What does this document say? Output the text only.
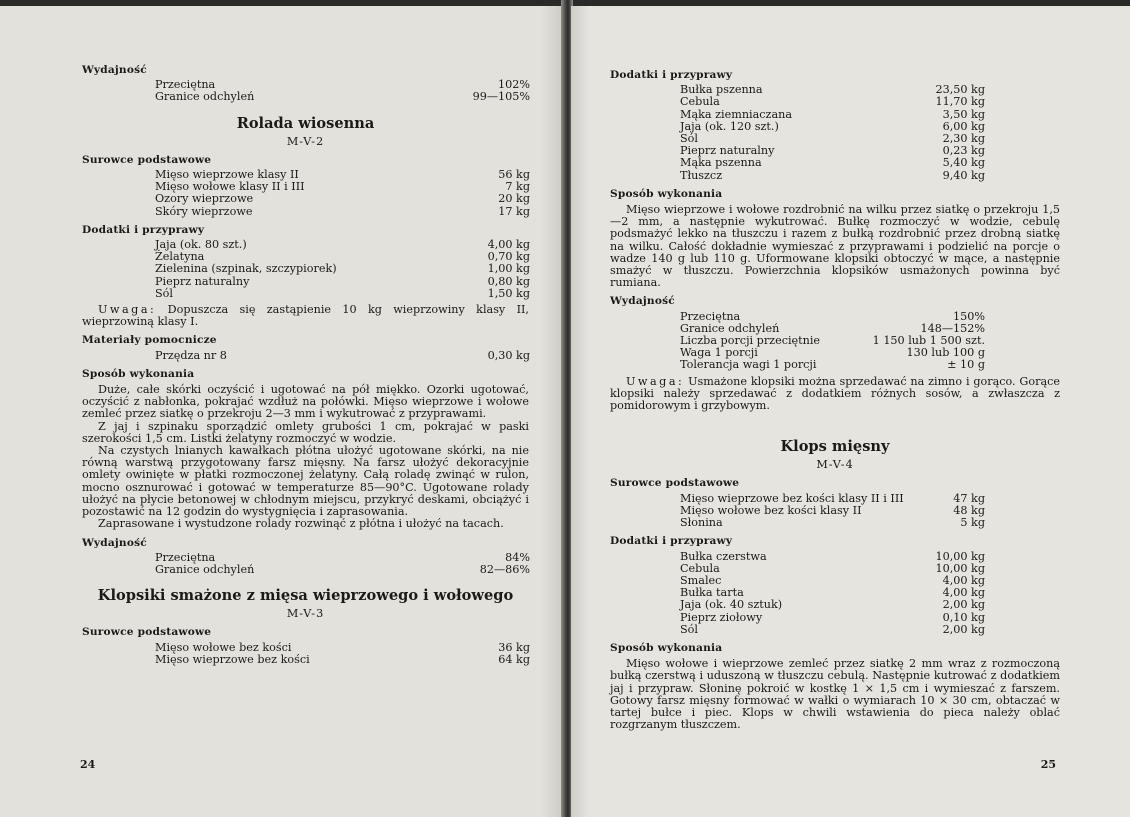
Wydajność
Przeciętna	102%
Granice odchyleń	99—105%
Rolada wiosenna
M-V-2
Surowce podstawowe
Mięso wieprzowe klasy II	56 kg
Mięso wołowe klasy II i III	7 kg
Ozory wieprzowe	20 kg
Skóry wieprzowe	17 kg
Dodatki i przyprawy
Jaja (ok. 80 szt.)	4,00 kg
Żelatyna	0,70 kg
Zielenina (szpinak, szczypiorek)	1,00 kg
Pieprz naturalny	0,80 kg
Sól	1,50 kg
Uwaga: Dopuszcza się zastąpienie 10 kg wieprzowiny klasy II, wieprzowiną klasy I.
Materiały pomocnicze
Przędza nr 8	0,30 kg
Sposób wykonania
Duże, całe skórki oczyścić i ugotować na pół miękko. Ozorki ugotować, oczyścić z nabłonka, pokrajać wzdłuż na połówki. Mięso wieprzowe i wołowe zemleć przez siatkę o przekroju 2—3 mm i wykutrować z przyprawami.
Z jaj i szpinaku sporządzić omlety grubości 1 cm, pokrajać w paski szerokości 1,5 cm. Listki żelatyny rozmoczyć w wodzie.
Na czystych lnianych kawałkach płótna ułożyć ugotowane skórki, na nie równą warstwą przygotowany farsz mięsny. Na farsz ułożyć dekoracyjnie omlety owinięte w płatki rozmoczonej żelatyny. Całą roladę zwinąć w rulon, mocno osznurować i gotować w temperaturze 85—90°C. Ugotowane rolady ułożyć na płycie betonowej w chłodnym miejscu, przykryć deskami, obciążyć i pozostawić na 12 godzin do wystygnięcia i zaprasowania.
Zaprasowane i wystudzone rolady rozwinąć z płótna i ułożyć na tacach.
Wydajność
Przeciętna	84%
Granice odchyleń	82—86%
Klopsiki smażone z mięsa wieprzowego i wołowego
M-V-3
Surowce podstawowe
Mięso wołowe bez kości	36 kg
Mięso wieprzowe bez kości	64 kg
24
Dodatki i przyprawy
Bułka pszenna	23,50 kg
Cebula	11,70 kg
Mąka ziemniaczana	3,50 kg
Jaja (ok. 120 szt.)	6,00 kg
Sól	2,30 kg
Pieprz naturalny	0,23 kg
Mąka pszenna	5,40 kg
Tłuszcz	9,40 kg
Sposób wykonania
Mięso wieprzowe i wołowe rozdrobnić na wilku przez siatkę o przekroju 1,5—2 mm, a następnie wykutrować. Bułkę rozmoczyć w wodzie, cebulę podsmażyć lekko na tłuszczu i razem z bułką rozdrobnić przez drobną siatkę na wilku. Całość dokładnie wymieszać z przyprawami i podzielić na porcje o wadze 140 g lub 110 g. Uformowane klopsiki obtoczyć w mące, a następnie smażyć w tłuszczu. Powierzchnia klopsików usmażonych powinna być rumiana.
Wydajność
Przeciętna	150%
Granice odchyleń	148—152%
Liczba porcji przeciętnie	1 150 lub 1 500 szt.
Waga 1 porcji	130 lub 100 g
Tolerancja wagi 1 porcji	± 10 g
Uwaga: Usmażone klopsiki można sprzedawać na zimno i gorąco. Gorące klopsiki należy sprzedawać z dodatkiem różnych sosów, a zwłaszcza z pomidorowym i grzybowym.
Klops mięsny
M-V-4
Surowce podstawowe
Mięso wieprzowe bez kości klasy II i III	47 kg
Mięso wołowe bez kości klasy II	48 kg
Słonina	5 kg
Dodatki i przyprawy
Bułka czerstwa	10,00 kg
Cebula	10,00 kg
Smalec	4,00 kg
Bułka tarta	4,00 kg
Jaja (ok. 40 sztuk)	2,00 kg
Pieprz ziołowy	0,10 kg
Sól	2,00 kg
Sposób wykonania
Mięso wołowe i wieprzowe zemleć przez siatkę 2 mm wraz z rozmoczoną bułką czerstwą i uduszoną w tłuszczu cebulą. Następnie kutrować z dodatkiem jaj i przypraw. Słoninę pokroić w kostkę 1 × 1,5 cm i wymieszać z farszem. Gotowy farsz mięsny formować w wałki o wymiarach 10 × 30 cm, obtaczać w tartej bułce i piec. Klops w chwili wstawienia do pieca należy oblać rozgrzanym tłuszczem.
25
